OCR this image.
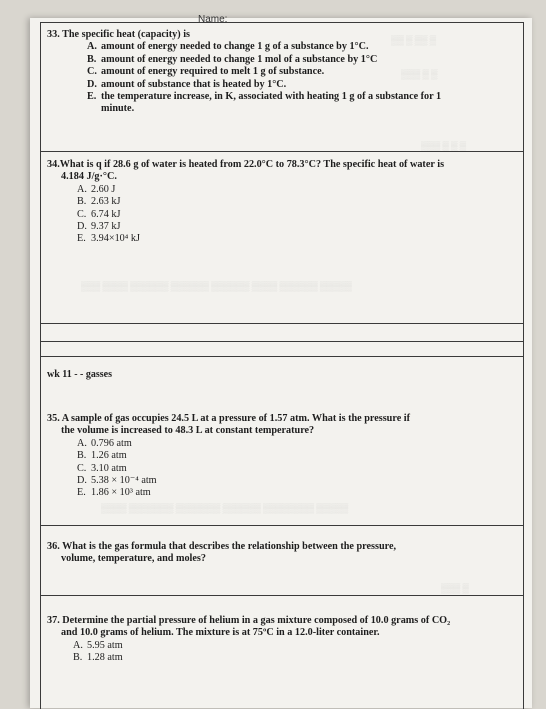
Name:
▒▒ ▒ ▒▒ ▒
▒▒▒ ▒ ▒
▒▒▒ ▒ ▒ ▒
▒▒▒ ▒▒▒▒ ▒▒▒▒▒▒ ▒▒▒▒▒▒ ▒▒▒▒▒▒ ▒▒▒▒ ▒▒▒▒▒▒ ▒▒▒▒▒
▒▒▒▒ ▒▒▒▒▒▒▒ ▒▒▒▒▒▒▒ ▒▒▒▒▒▒ ▒▒▒▒▒▒▒▒ ▒▒▒▒▒
▒▒▒ ▒
33. The specific heat (capacity) is
A. amount of energy needed to change 1 g of a substance by 1°C.
B. amount of energy needed to change 1 mol of a substance by 1°C
C. amount of energy required to melt 1 g of substance.
D. amount of substance that is heated by 1°C.
E. the temperature increase, in K, associated with heating 1 g of a substance for 1 minute.
34.What is q if 28.6 g of water is heated from 22.0°C to 78.3°C? The specific heat of water is
4.184 J/g·°C.
A. 2.60 J
B. 2.63 kJ
C. 6.74 kJ
D. 9.37 kJ
E. 3.94×10⁴ kJ
wk 11 - - gasses
35. A sample of gas occupies 24.5 L at a pressure of 1.57 atm. What is the pressure if
the volume is increased to 48.3 L at constant temperature?
A. 0.796 atm
B. 1.26 atm
C. 3.10 atm
D. 5.38 × 10⁻⁴ atm
E. 1.86 × 10³ atm
36. What is the gas formula that describes the relationship between the pressure,
volume, temperature, and moles?
37. Determine the partial pressure of helium in a gas mixture composed of 10.0 grams of CO₂
and 10.0 grams of helium. The mixture is at 75ºC in a 12.0-liter container.
A. 5.95 atm
B. 1.28 atm
